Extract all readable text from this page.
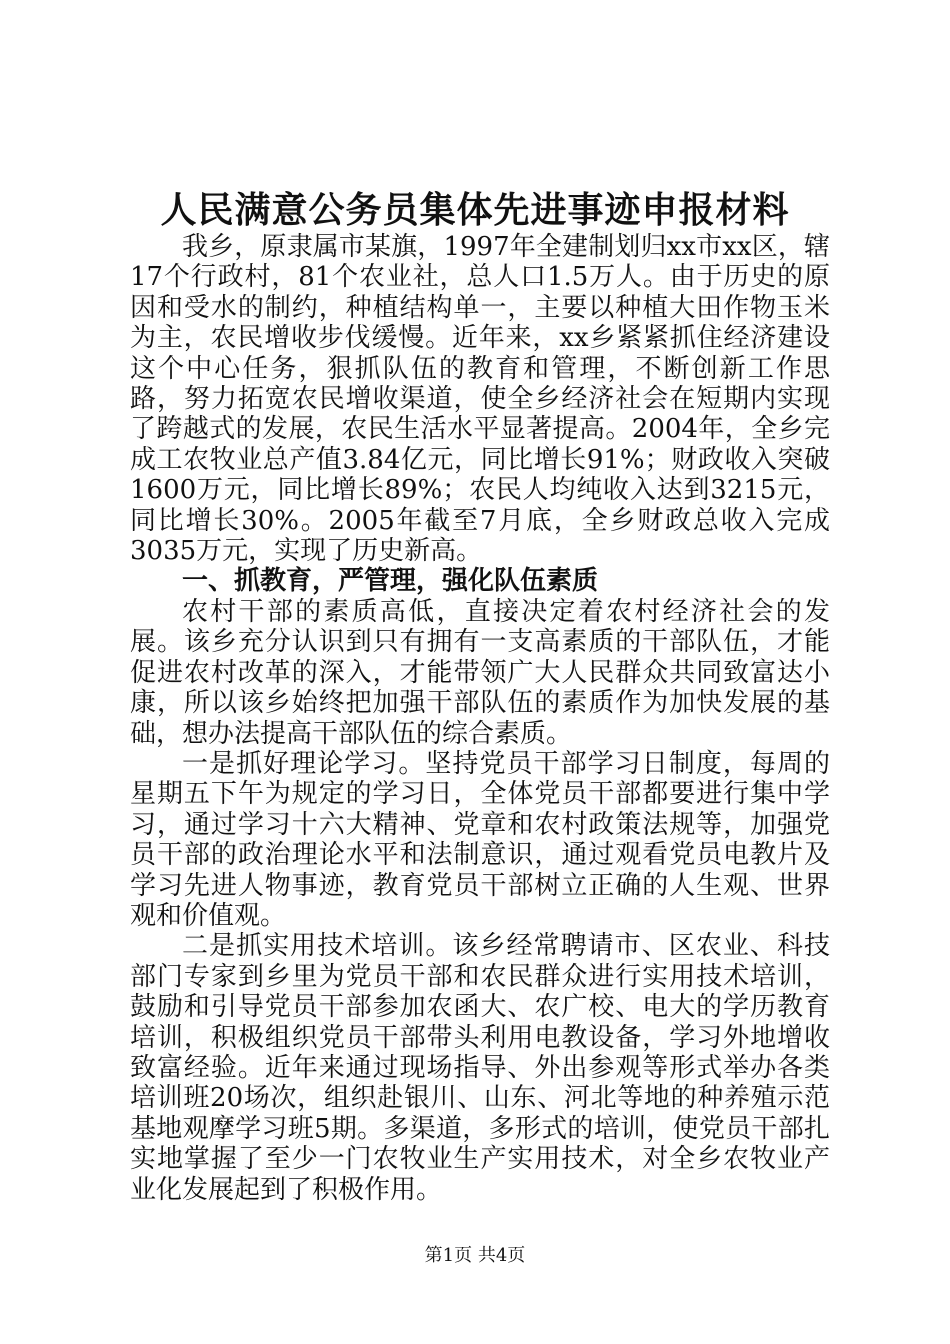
人民满意公务员集体先进事迹申报材料

我乡，原隶属市某旗，1997年全建制划归xx市xx区，辖17个行政村，81个农业社，总人口1.5万人。由于历史的原因和受水的制约，种植结构单一，主要以种植大田作物玉米为主，农民增收步伐缓慢。近年来，xx乡紧紧抓住经济建设这个中心任务，狠抓队伍的教育和管理，不断创新工作思路，努力拓宽农民增收渠道，使全乡经济社会在短期内实现了跨越式的发展，农民生活水平显著提高。2004年，全乡完成工农牧业总产值3.84亿元，同比增长91%；财政收入突破1600万元，同比增长89%；农民人均纯收入达到3215元，同比增长30%。2005年截至7月底，全乡财政总收入完成3035万元，实现了历史新高。

一、抓教育，严管理，强化队伍素质

农村干部的素质高低，直接决定着农村经济社会的发展。该乡充分认识到只有拥有一支高素质的干部队伍，才能促进农村改革的深入，才能带领广大人民群众共同致富达小康，所以该乡始终把加强干部队伍的素质作为加快发展的基础，想办法提高干部队伍的综合素质。

一是抓好理论学习。坚持党员干部学习日制度，每周的星期五下午为规定的学习日，全体党员干部都要进行集中学习，通过学习十六大精神、党章和农村政策法规等，加强党员干部的政治理论水平和法制意识，通过观看党员电教片及学习先进人物事迹，教育党员干部树立正确的人生观、世界观和价值观。

二是抓实用技术培训。该乡经常聘请市、区农业、科技部门专家到乡里为党员干部和农民群众进行实用技术培训，鼓励和引导党员干部参加农函大、农广校、电大的学历教育培训，积极组织党员干部带头利用电教设备，学习外地增收致富经验。近年来通过现场指导、外出参观等形式举办各类培训班20场次，组织赴银川、山东、河北等地的种养殖示范基地观摩学习班5期。多渠道，多形式的培训，使党员干部扎实地掌握了至少一门农牧业生产实用技术，对全乡农牧业产业化发展起到了积极作用。

第1页 共4页
